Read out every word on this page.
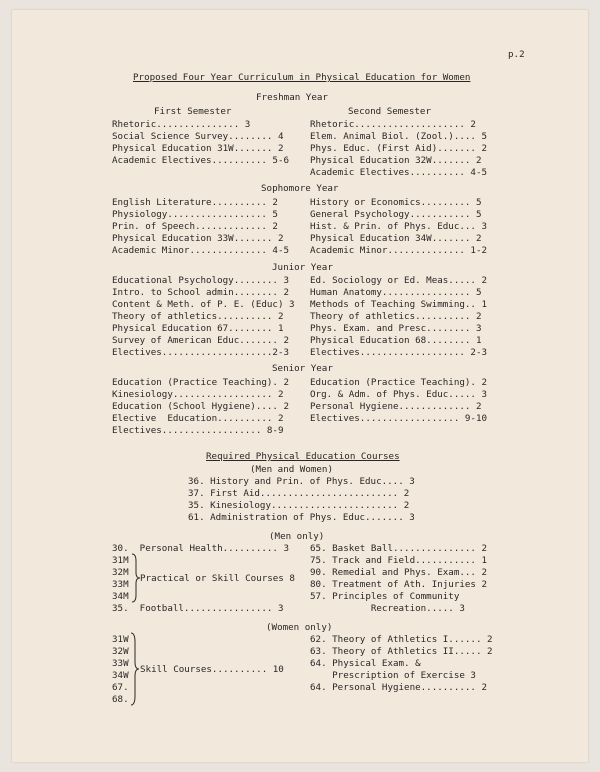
p.2
Proposed Four Year Curriculum in Physical Education for Women
Freshman Year
First Semester	Second Semester
Rhetoric............... 3
Social Science Survey........ 4
Physical Education 31W....... 2
Academic Electives.......... 5-6
Rhetoric.................... 2
Elem. Animal Biol. (Zool.).... 5
Phys. Educ. (First Aid)....... 2
Physical Education 32W....... 2
Academic Electives.......... 4-5
Sophomore Year
English Literature.......... 2
Physiology.................. 5
Prin. of Speech............. 2
Physical Education 33W....... 2
Academic Minor.............. 4-5
History or Economics......... 5
General Psychology........... 5
Hist. & Prin. of Phys. Educ... 3
Physical Education 34W....... 2
Academic Minor.............. 1-2
Junior Year
Educational Psychology........ 3
Intro. to School admin........ 2
Content & Meth. of P. E. (Educ) 3
Theory of athletics.......... 2
Physical Education 67........ 1
Survey of American Educ....... 2
Electives....................2-3
Ed. Sociology or Ed. Meas..... 2
Human Anatomy................ 5
Methods of Teaching Swimming.. 1
Theory of athletics.......... 2
Phys. Exam. and Presc........ 3
Physical Education 68........ 1
Electives................... 2-3
Senior Year
Education (Practice Teaching). 2
Kinesiology.................. 2
Education (School Hygiene).... 2
Elective  Education.......... 2
Electives.................. 8-9
Education (Practice Teaching). 2
Org. & Adm. of Phys. Educ..... 3
Personal Hygiene............. 2
Electives.................. 9-10
Required Physical Education Courses
(Men and Women)
36. History and Prin. of Phys. Educ.... 3
37. First Aid......................... 2
35. Kinesiology....................... 2
61. Administration of Phys. Educ....... 3
(Men only)
30.  Personal Health.......... 3
31M
32M
33M
34M
Practical or Skill Courses 8
35.  Football................ 3
65. Basket Ball............... 2
75. Track and Field........... 1
90. Remedial and Phys. Exam... 2
80. Treatment of Ath. Injuries 2
57. Principles of Community
Recreation..... 3
(Women only)
31W
32W
33W
34W
67.
68.
Skill Courses.......... 10
62. Theory of Athletics I...... 2
63. Theory of Athletics II..... 2
64. Physical Exam. &
Prescription of Exercise 3
64. Personal Hygiene.......... 2
